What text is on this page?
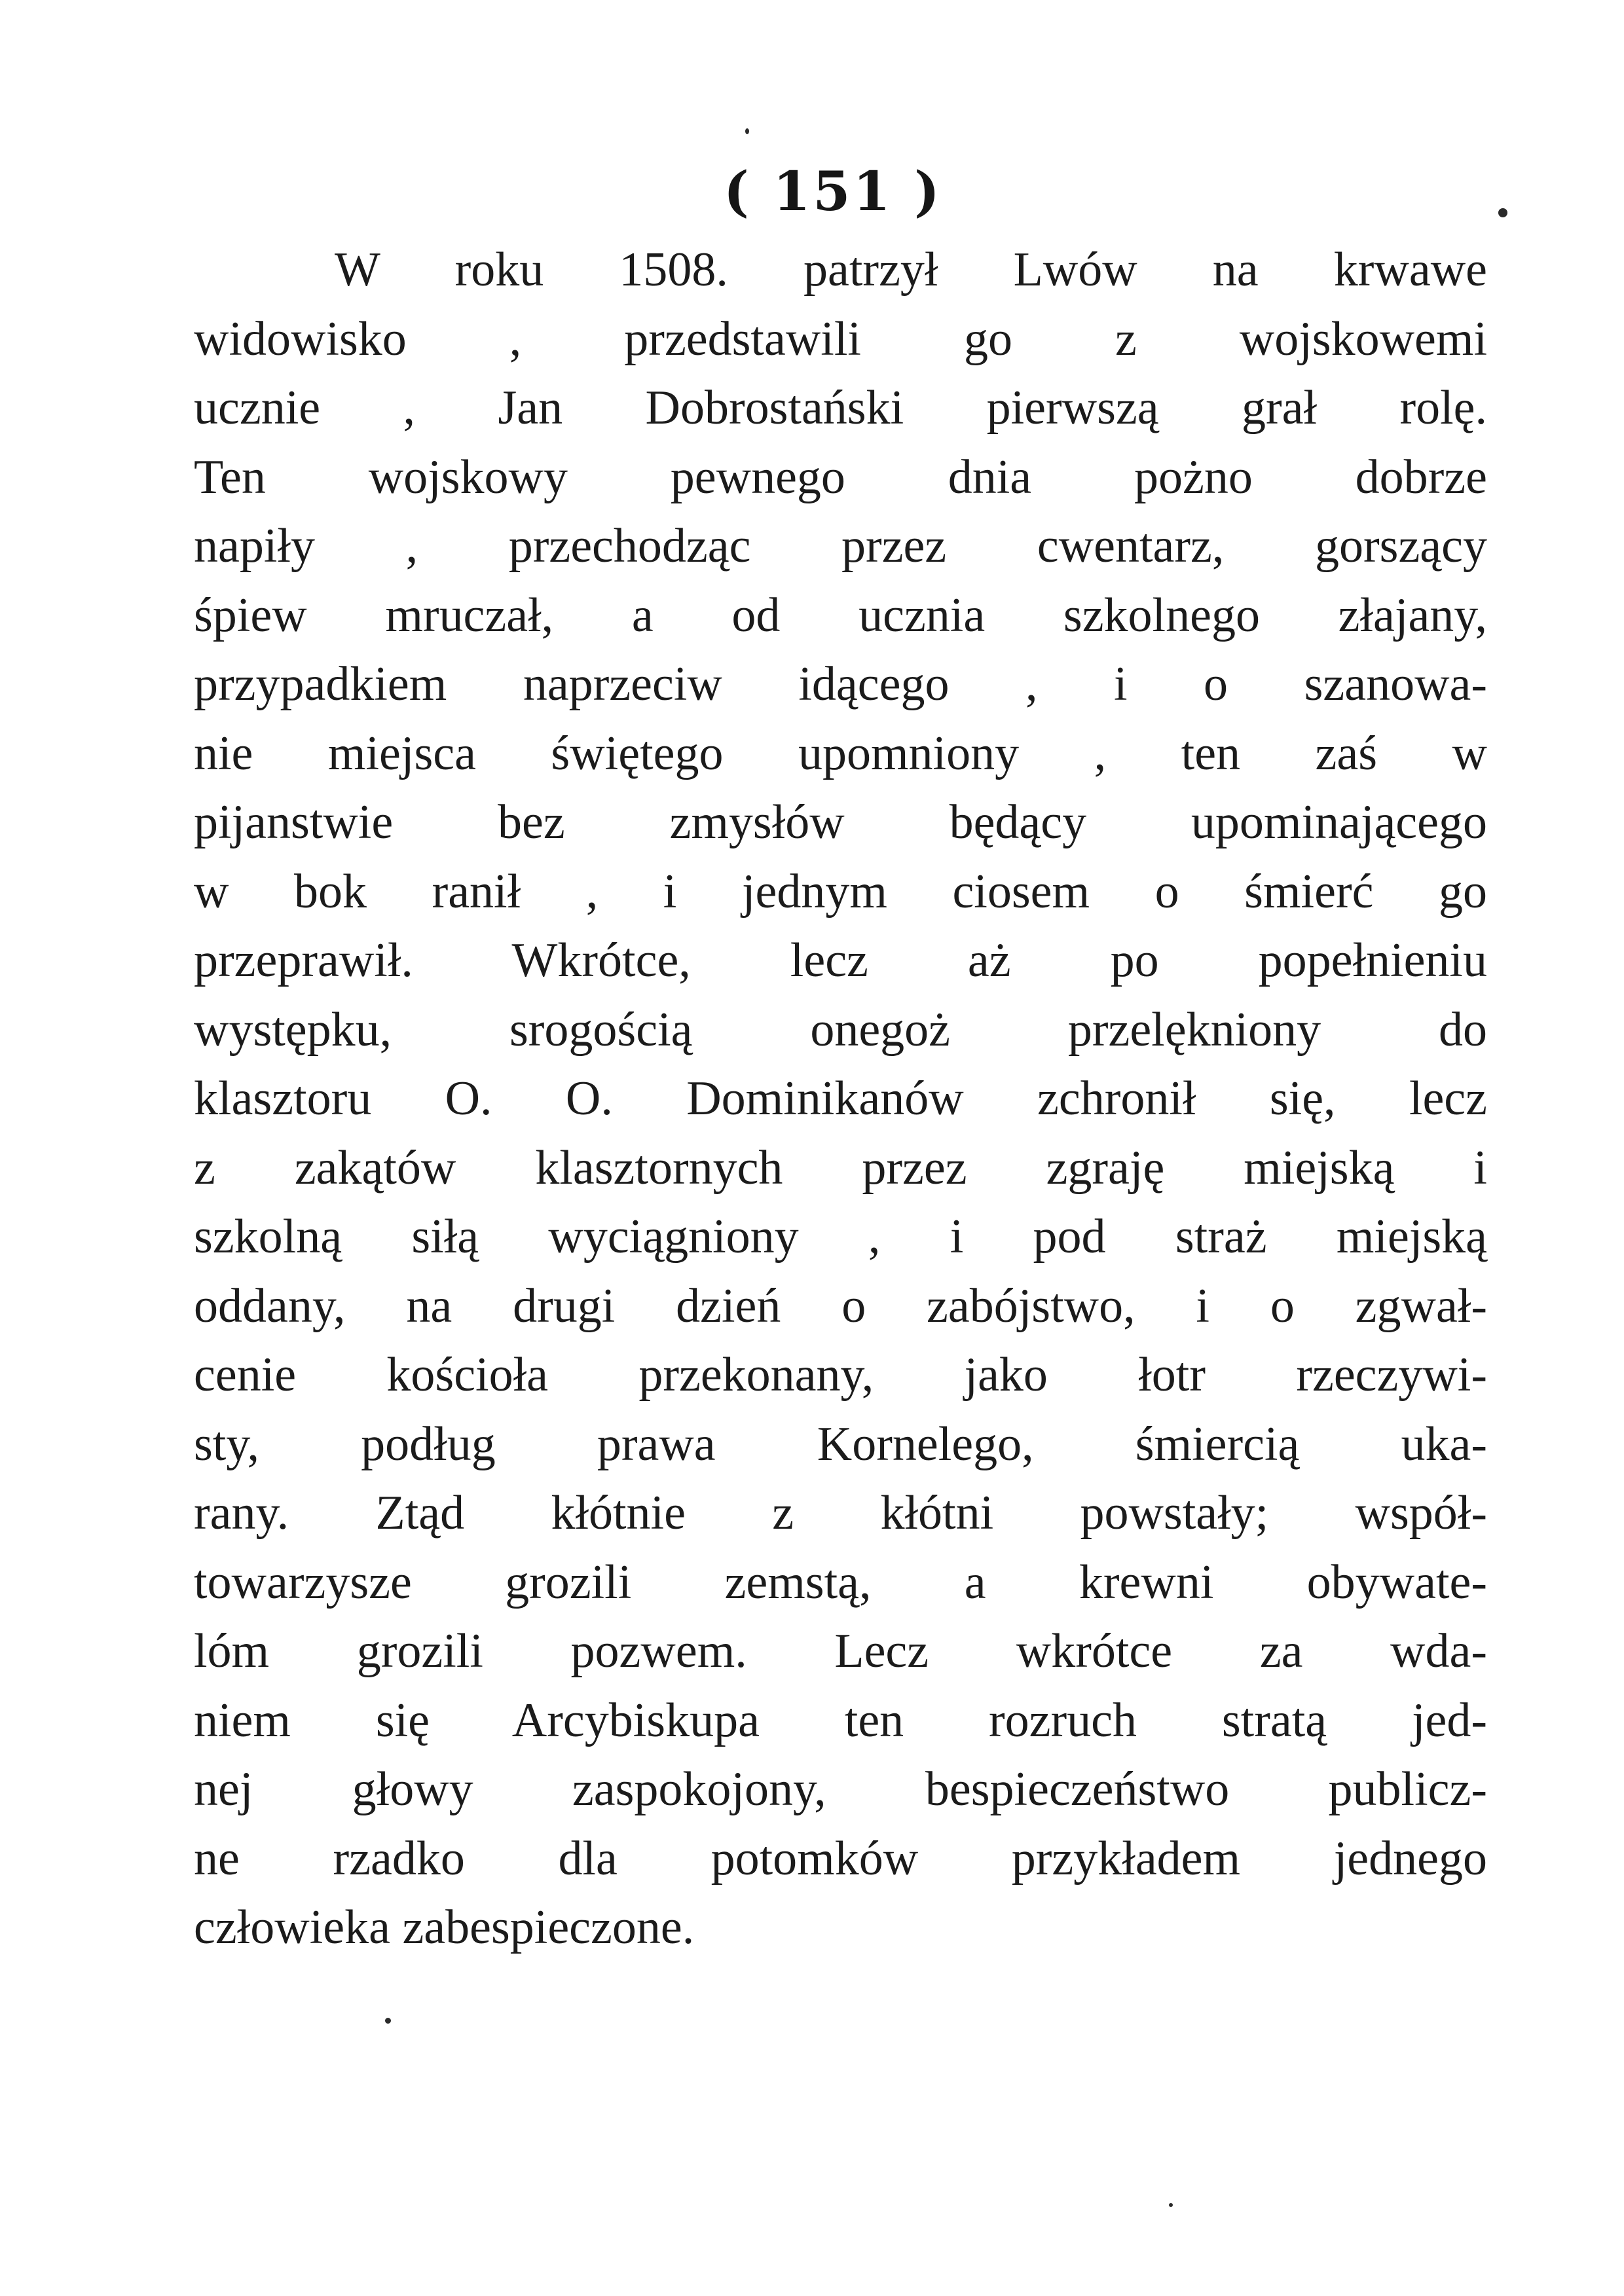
( 151 )
W roku 1508. patrzył Lwów na krwawe
widowisko , przedstawili go z wojskowemi
ucznie , Jan Dobrostański pierwszą grał rolę.
Ten wojskowy pewnego dnia pożno dobrze
napiły , przechodząc przez cwentarz, gorszący
śpiew mruczał, a od ucznia szkolnego złajany,
przypadkiem naprzeciw idącego , i o szanowa-
nie miejsca świętego upomniony , ten zaś w
pijanstwie bez zmysłów będący upominającego
w bok ranił , i jednym ciosem o śmierć go
przeprawił. Wkrótce, lecz aż po popełnieniu
występku, srogością onegoż przelękniony do
klasztoru O. O. Dominikanów zchronił się, lecz
z zakątów klasztornych przez zgraję miejską i
szkolną siłą wyciągniony , i pod straż miejską
oddany, na drugi dzień o zabójstwo, i o zgwał-
cenie kościoła przekonany, jako łotr rzeczywi-
sty, podług prawa Kornelego, śmiercią uka-
rany. Ztąd kłótnie z kłótni powstały; współ-
towarzysze grozili zemstą, a krewni obywate-
lóm grozili pozwem. Lecz wkrótce za wda-
niem się Arcybiskupa ten rozruch stratą jed-
nej głowy zaspokojony, bespieczeństwo publicz-
ne rzadko dla potomków przykładem jednego
człowieka zabespieczone.
